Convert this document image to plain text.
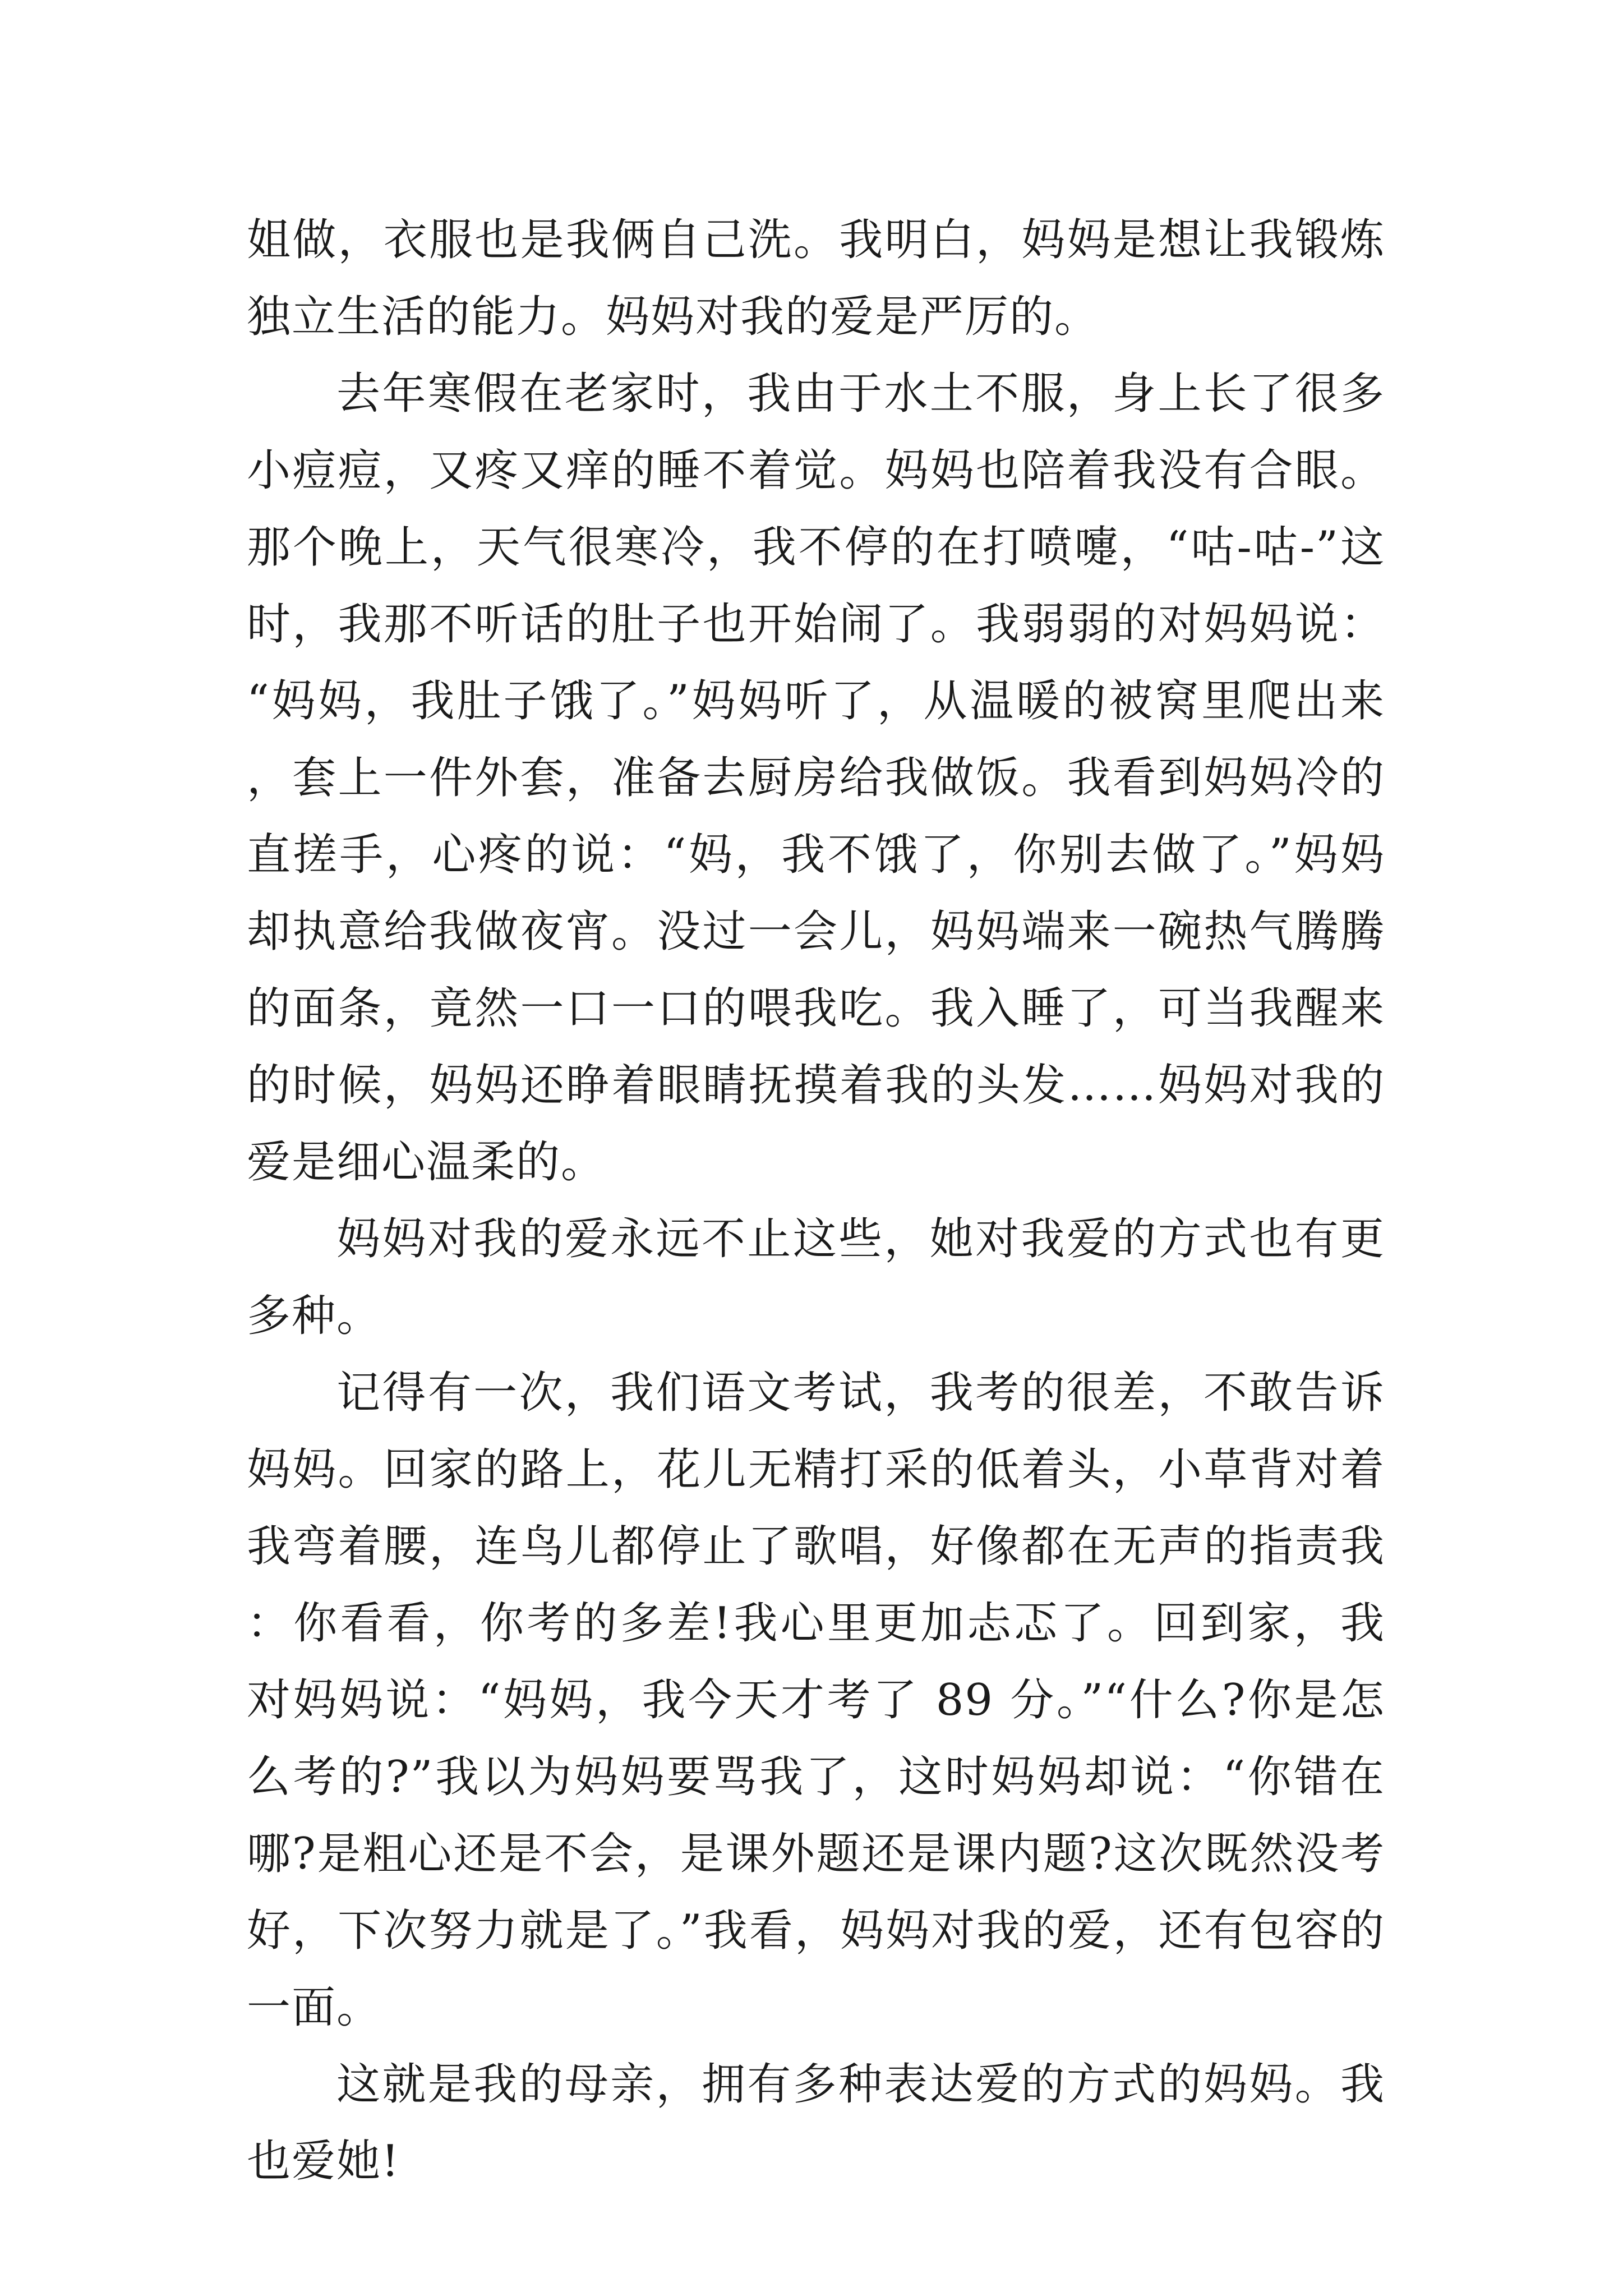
姐做，衣服也是我俩自己洗。我明白，妈妈是想让我锻炼独立生活的能力。妈妈对我的爱是严厉的。

去年寒假在老家时，我由于水土不服，身上长了很多小痘痘，又疼又痒的睡不着觉。妈妈也陪着我没有合眼。那个晚上，天气很寒冷，我不停的在打喷嚏，“咕-咕-”这时，我那不听话的肚子也开始闹了。我弱弱的对妈妈说：“妈妈，我肚子饿了。”妈妈听了，从温暖的被窝里爬出来，套上一件外套，准备去厨房给我做饭。我看到妈妈冷的直搓手，心疼的说：“妈，我不饿了，你别去做了。”妈妈却执意给我做夜宵。没过一会儿，妈妈端来一碗热气腾腾的面条，竟然一口一口的喂我吃。我入睡了，可当我醒来的时候，妈妈还睁着眼睛抚摸着我的头发……妈妈对我的爱是细心温柔的。

妈妈对我的爱永远不止这些，她对我爱的方式也有更多种。

记得有一次，我们语文考试，我考的很差，不敢告诉妈妈。回家的路上，花儿无精打采的低着头，小草背对着我弯着腰，连鸟儿都停止了歌唱，好像都在无声的指责我：你看看，你考的多差!我心里更加忐忑了。回到家，我对妈妈说：“妈妈，我今天才考了 89 分。”“什么?你是怎么考的?”我以为妈妈要骂我了，这时妈妈却说：“你错在哪?是粗心还是不会，是课外题还是课内题?这次既然没考好，下次努力就是了。”我看，妈妈对我的爱，还有包容的一面。

这就是我的母亲，拥有多种表达爱的方式的妈妈。我也爱她!
